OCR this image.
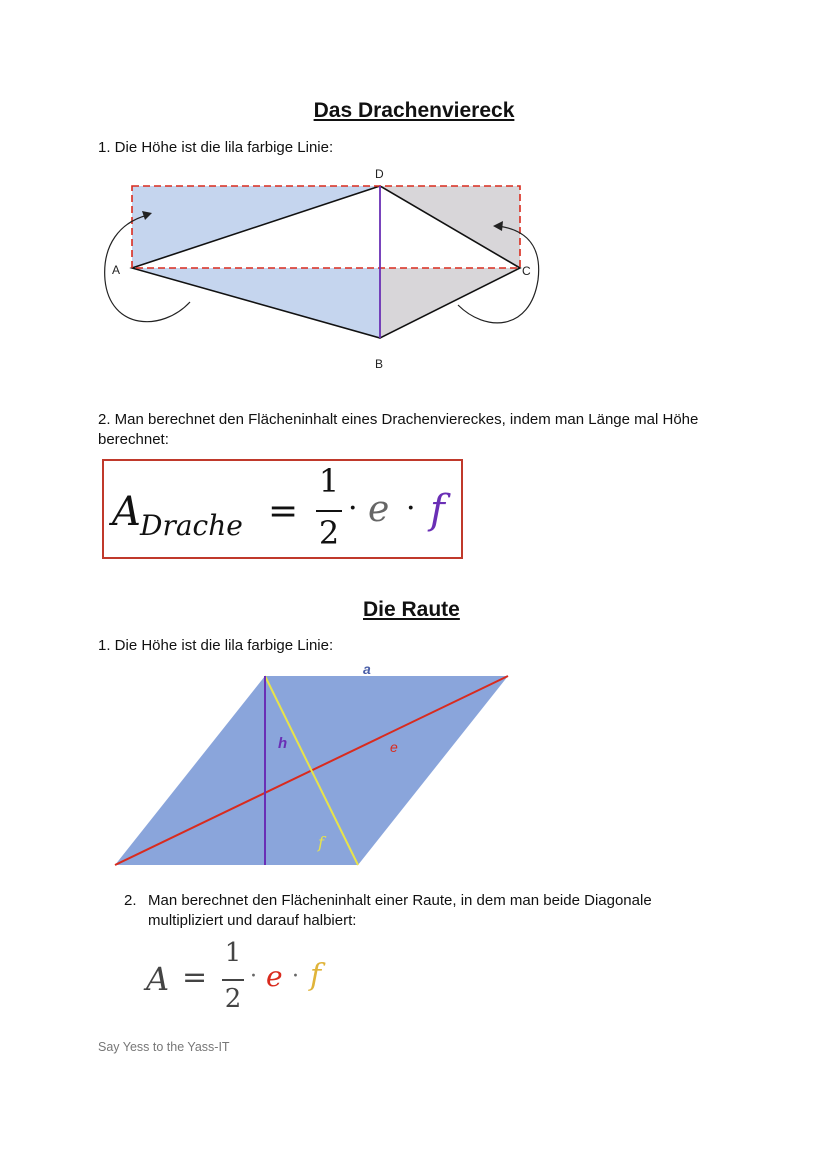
Das Drachenviereck
1. Die Höhe ist die lila farbige Linie:
A
B
C
D
2. Man berechnet den Flächeninhalt eines Drachenviereckes, indem man Länge mal Höhe berechnet:
A Drache =
1
2
· e · f
Die Raute
1. Die Höhe ist die lila farbige Linie:
a
h	e
f
2. Man berechnet den Flächeninhalt einer Raute, in dem man beide Diagonale multipliziert und darauf halbiert:
A =
1
2
· e · f
Say Yess to the Yass-IT
